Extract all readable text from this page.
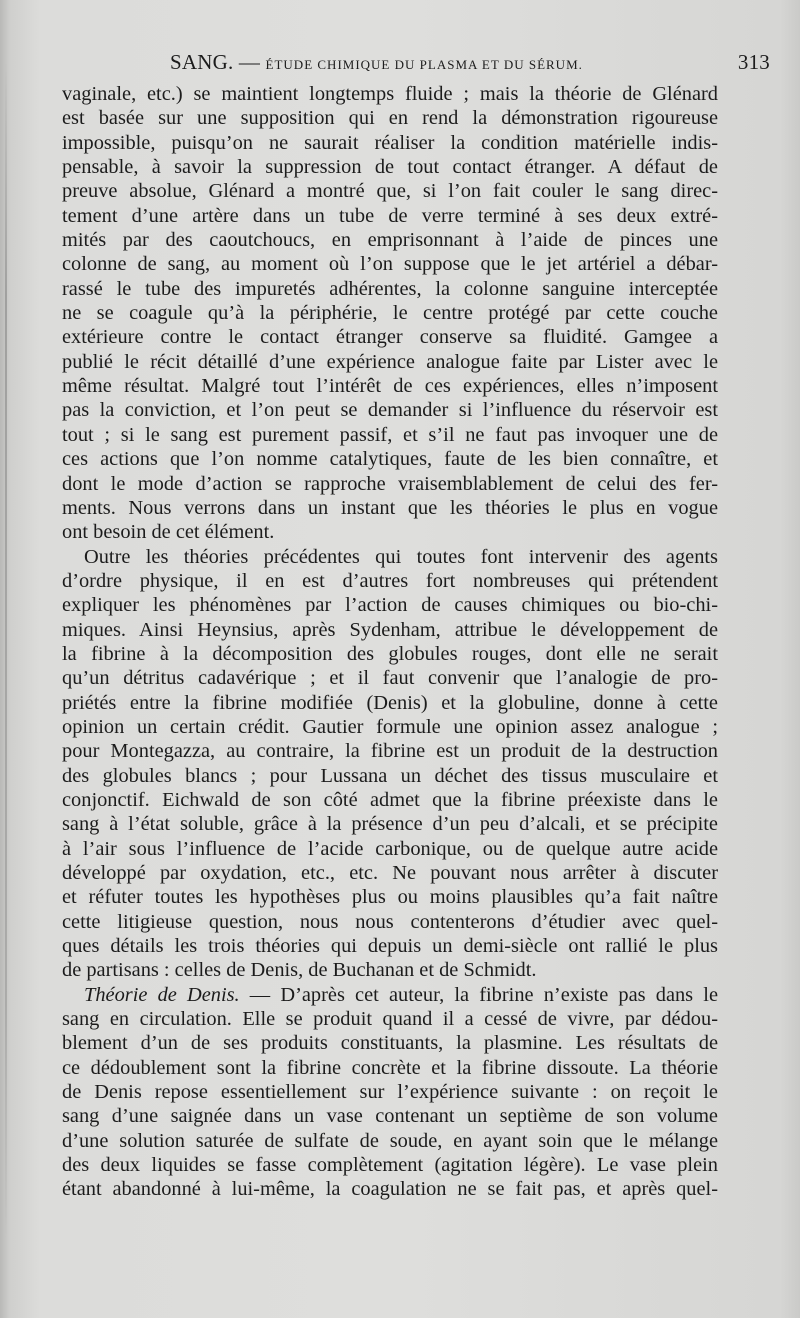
SANG. — ÉTUDE CHIMIQUE DU PLASMA ET DU SÉRUM.	313
vaginale, etc.) se maintient longtemps fluide ; mais la théorie de Glénard
est basée sur une supposition qui en rend la démonstration rigoureuse
impossible, puisqu’on ne saurait réaliser la condition matérielle indis-
pensable, à savoir la suppression de tout contact étranger. A défaut de
preuve absolue, Glénard a montré que, si l’on fait couler le sang direc-
tement d’une artère dans un tube de verre terminé à ses deux extré-
mités par des caoutchoucs, en emprisonnant à l’aide de pinces une
colonne de sang, au moment où l’on suppose que le jet artériel a débar-
rassé le tube des impuretés adhérentes, la colonne sanguine interceptée
ne se coagule qu’à la périphérie, le centre protégé par cette couche
extérieure contre le contact étranger conserve sa fluidité. Gamgee a
publié le récit détaillé d’une expérience analogue faite par Lister avec le
même résultat. Malgré tout l’intérêt de ces expériences, elles n’imposent
pas la conviction, et l’on peut se demander si l’influence du réservoir est
tout ; si le sang est purement passif, et s’il ne faut pas invoquer une de
ces actions que l’on nomme catalytiques, faute de les bien connaître, et
dont le mode d’action se rapproche vraisemblablement de celui des fer-
ments. Nous verrons dans un instant que les théories le plus en vogue
ont besoin de cet élément.
Outre les théories précédentes qui toutes font intervenir des agents
d’ordre physique, il en est d’autres fort nombreuses qui prétendent
expliquer les phénomènes par l’action de causes chimiques ou bio-chi-
miques. Ainsi Heynsius, après Sydenham, attribue le développement de
la fibrine à la décomposition des globules rouges, dont elle ne serait
qu’un détritus cadavérique ; et il faut convenir que l’analogie de pro-
priétés entre la fibrine modifiée (Denis) et la globuline, donne à cette
opinion un certain crédit. Gautier formule une opinion assez analogue ;
pour Montegazza, au contraire, la fibrine est un produit de la destruction
des globules blancs ; pour Lussana un déchet des tissus musculaire et
conjonctif. Eichwald de son côté admet que la fibrine préexiste dans le
sang à l’état soluble, grâce à la présence d’un peu d’alcali, et se précipite
à l’air sous l’influence de l’acide carbonique, ou de quelque autre acide
développé par oxydation, etc., etc. Ne pouvant nous arrêter à discuter
et réfuter toutes les hypothèses plus ou moins plausibles qu’a fait naître
cette litigieuse question, nous nous contenterons d’étudier avec quel-
ques détails les trois théories qui depuis un demi-siècle ont rallié le plus
de partisans : celles de Denis, de Buchanan et de Schmidt.
Théorie de Denis. — D’après cet auteur, la fibrine n’existe pas dans le
sang en circulation. Elle se produit quand il a cessé de vivre, par dédou-
blement d’un de ses produits constituants, la plasmine. Les résultats de
ce dédoublement sont la fibrine concrète et la fibrine dissoute. La théorie
de Denis repose essentiellement sur l’expérience suivante : on reçoit le
sang d’une saignée dans un vase contenant un septième de son volume
d’une solution saturée de sulfate de soude, en ayant soin que le mélange
des deux liquides se fasse complètement (agitation légère). Le vase plein
étant abandonné à lui-même, la coagulation ne se fait pas, et après quel-
